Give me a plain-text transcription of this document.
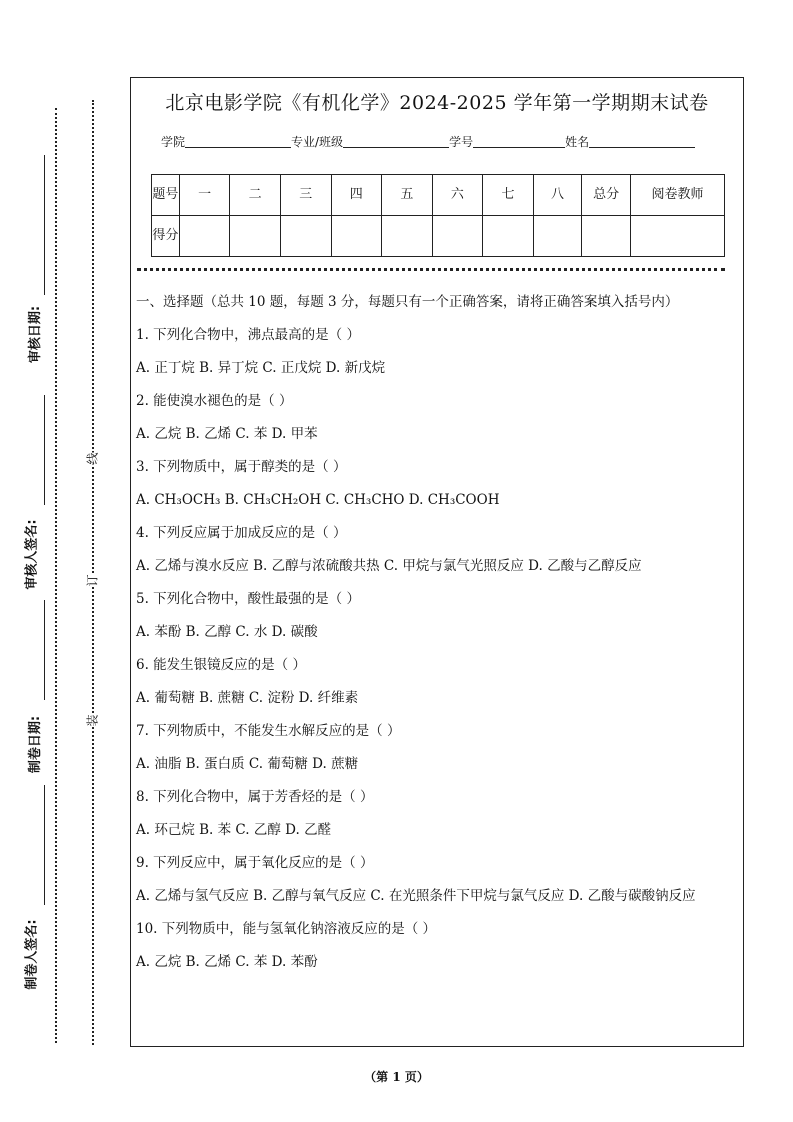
审核日期:
审核人签名:
制卷日期:
制卷人签名:
线
订
装
北京电影学院《有机化学》2024-2025 学年第一学期期末试卷
学院	专业/班级	学号	姓名
题号	一	二	三	四	五	六	七	八	总分	阅卷教师
得分										

一、选择题（总共 10 题，每题 3 分，每题只有一个正确答案，请将正确答案填入括号内）

1. 下列化合物中，沸点最高的是（ ）

A. 正丁烷 B. 异丁烷 C. 正戊烷 D. 新戊烷

2. 能使溴水褪色的是（ ）

A. 乙烷 B. 乙烯 C. 苯 D. 甲苯

3. 下列物质中，属于醇类的是（ ）

A. CH₃OCH₃ B. CH₃CH₂OH C. CH₃CHO D. CH₃COOH

4. 下列反应属于加成反应的是（ ）

A. 乙烯与溴水反应 B. 乙醇与浓硫酸共热 C. 甲烷与氯气光照反应 D. 乙酸与乙醇反应

5. 下列化合物中，酸性最强的是（ ）

A. 苯酚 B. 乙醇 C. 水 D. 碳酸

6. 能发生银镜反应的是（ ）

A. 葡萄糖 B. 蔗糖 C. 淀粉 D. 纤维素

7. 下列物质中，不能发生水解反应的是（ ）

A. 油脂 B. 蛋白质 C. 葡萄糖 D. 蔗糖

8. 下列化合物中，属于芳香烃的是（ ）

A. 环己烷 B. 苯 C. 乙醇 D. 乙醛

9. 下列反应中，属于氧化反应的是（ ）

A. 乙烯与氢气反应 B. 乙醇与氧气反应 C. 在光照条件下甲烷与氯气反应 D. 乙酸与碳酸钠反应

10. 下列物质中，能与氢氧化钠溶液反应的是（ ）

A. 乙烷 B. 乙烯 C. 苯 D. 苯酚

（第 1 页）
